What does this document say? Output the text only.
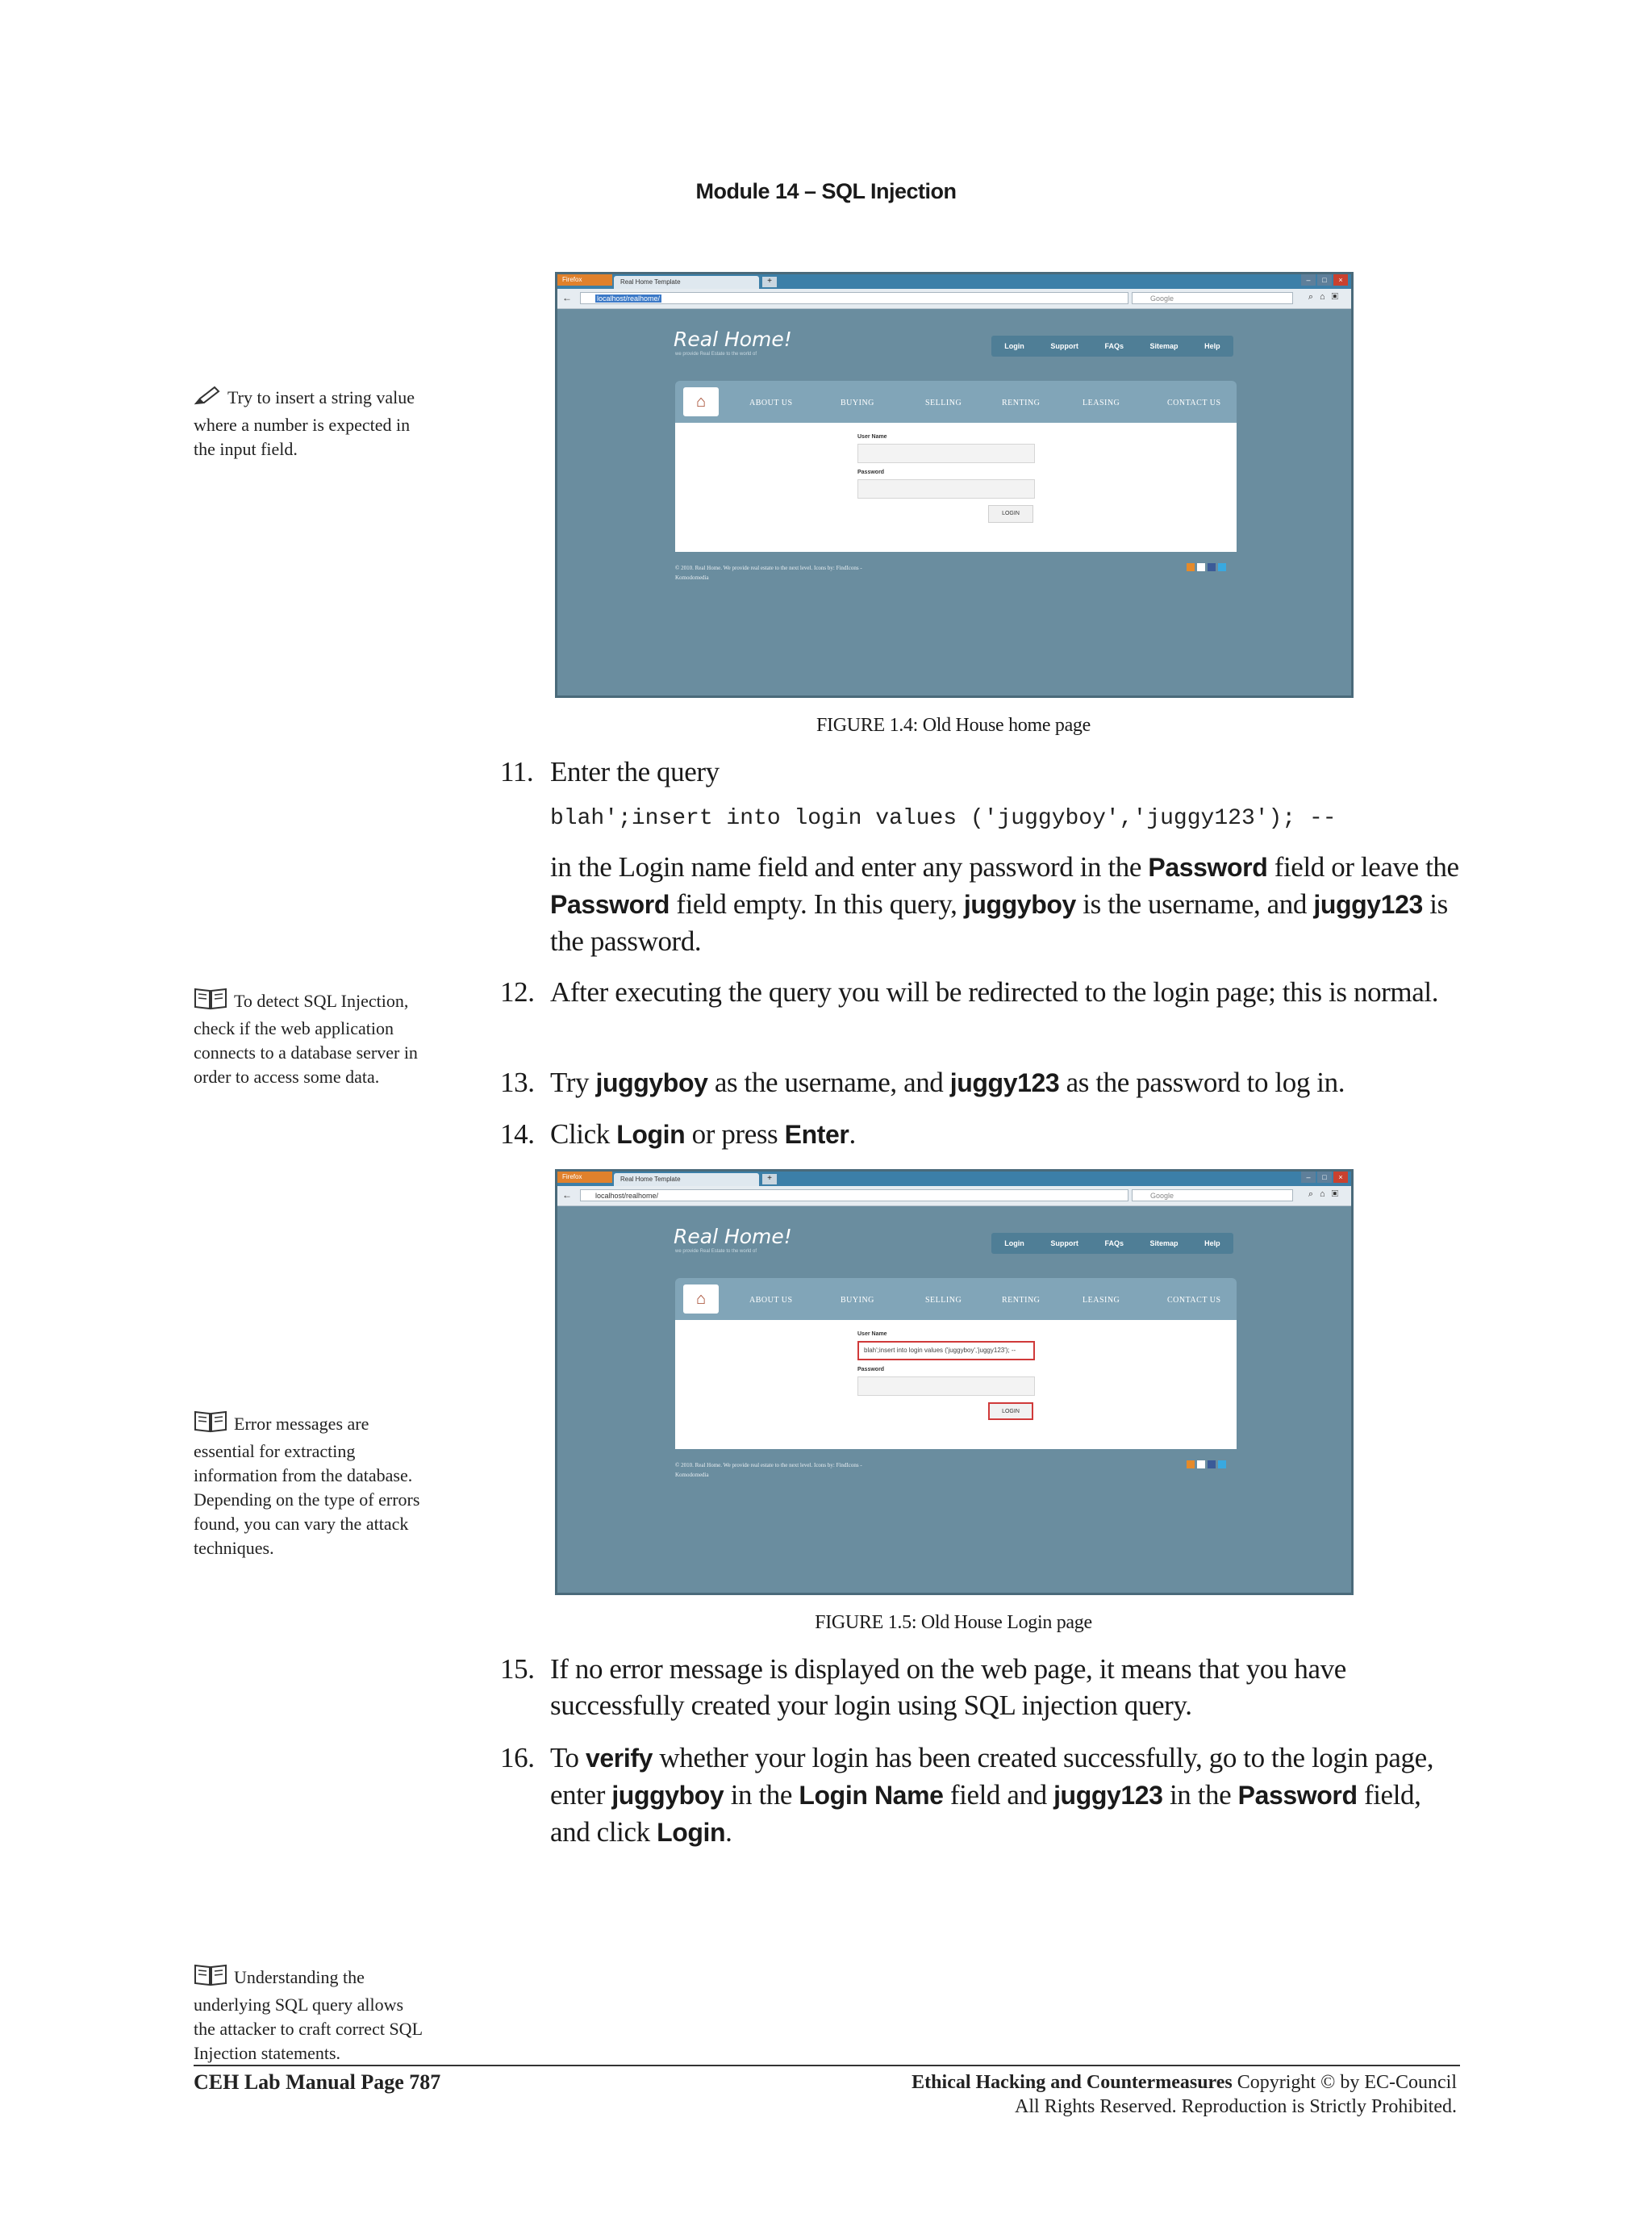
Module 14 – SQL Injection
Try to insert a string value where a number is expected in the input field.
To detect SQL Injection, check if the web application connects to a database server in order to access some data.
Error messages are essential for extracting information from the database. Depending on the type of errors found, you can vary the attack techniques.
Understanding the underlying SQL query allows the attacker to craft correct SQL Injection statements.
Firefox	Real Home Template	+	–	□	×
←	localhost/realhome/	Google	⌕⌂▣
Real Home!
we provide Real Estate to the world of
Login	Support	FAQs	Sitemap	Help
⌂	ABOUT US	BUYING	SELLING	RENTING	LEASING	CONTACT US
User Name
Password
LOGIN
© 2010. Real Home. We provide real estate to the next level. Icons by: FindIcons -
Komodomedia
FIGURE 1.4: Old House home page
11. Enter the query
blah';insert into login values ('juggyboy','juggy123'); --
in the Login name field and enter any password in the Password field or leave the Password field empty. In this query, juggyboy is the username, and juggy123 is the password.
12. After executing the query you will be redirected to the login page; this is normal.
13. Try juggyboy as the username, and juggy123 as the password to log in.
14. Click Login or press Enter.
Firefox	Real Home Template	+	–	□	×
←	localhost/realhome/	Google	⌕⌂▣
Real Home!
we provide Real Estate to the world of
Login	Support	FAQs	Sitemap	Help
⌂	ABOUT US	BUYING	SELLING	RENTING	LEASING	CONTACT US
User Name
blah';insert into login values ('juggyboy','juggy123'); --
Password
LOGIN
© 2010. Real Home. We provide real estate to the next level. Icons by: FindIcons -
Komodomedia
FIGURE 1.5: Old House Login page
15. If no error message is displayed on the web page, it means that you have successfully created your login using SQL injection query.
16. To verify whether your login has been created successfully, go to the login page, enter juggyboy in the Login Name field and juggy123 in the Password field, and click Login.
CEH Lab Manual Page 787	Ethical Hacking and Countermeasures Copyright © by EC-Council
All Rights Reserved. Reproduction is Strictly Prohibited.
